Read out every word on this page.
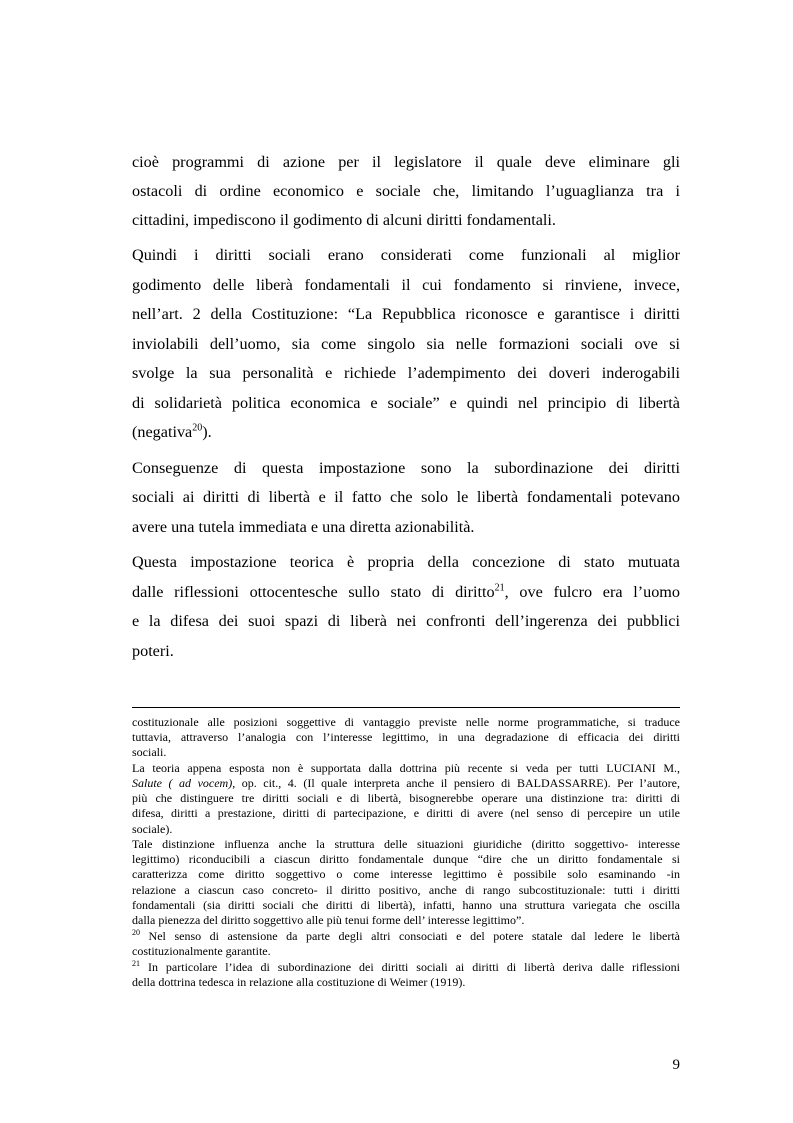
cioè programmi di azione per il legislatore il quale deve eliminare gli
ostacoli di ordine economico e sociale che, limitando l’uguaglianza tra i
cittadini, impediscono il godimento di alcuni diritti fondamentali.
Quindi i diritti sociali erano considerati come funzionali al miglior
godimento delle liberà fondamentali il cui fondamento si rinviene, invece,
nell’art. 2 della Costituzione: “La Repubblica riconosce e garantisce i diritti
inviolabili dell’uomo, sia come singolo sia nelle formazioni sociali ove si
svolge la sua personalità e richiede l’adempimento dei doveri inderogabili
di solidarietà politica economica e sociale” e quindi nel principio di libertà
(negativa$^{20}$).
Conseguenze di questa impostazione sono la subordinazione dei diritti
sociali ai diritti di libertà e il fatto che solo le libertà fondamentali potevano
avere una tutela immediata e una diretta azionabilità.
Questa impostazione teorica è propria della concezione di stato mutuata
dalle riflessioni ottocentesche sullo stato di diritto$^{21}$, ove fulcro era l’uomo
e la difesa dei suoi spazi di liberà nei confronti dell’ingerenza dei pubblici
poteri.
costituzionale alle posizioni soggettive di vantaggio previste nelle norme programmatiche, si traduce
tuttavia, attraverso l’analogia con l’interesse legittimo, in una degradazione di efficacia dei diritti
sociali.
La teoria appena esposta non è supportata dalla dottrina più recente si veda per tutti LUCIANI M.,
Salute ( ad vocem), op. cit., 4. (Il quale interpreta anche il pensiero di BALDASSARRE). Per l’autore,
più che distinguere tre diritti sociali e di libertà, bisognerebbe operare una distinzione tra: diritti di
difesa, diritti a prestazione, diritti di partecipazione, e diritti di avere (nel senso di percepire un utile
sociale).
Tale distinzione influenza anche la struttura delle situazioni giuridiche (diritto soggettivo- interesse
legittimo) riconducibili a ciascun diritto fondamentale dunque “dire che un diritto fondamentale si
caratterizza come diritto soggettivo o come interesse legittimo è possibile solo esaminando -in
relazione a ciascun caso concreto- il diritto positivo, anche di rango subcostituzionale: tutti i diritti
fondamentali (sia diritti sociali che diritti di libertà), infatti, hanno una struttura variegata che oscilla
dalla pienezza del diritto soggettivo alle più tenui forme dell’ interesse legittimo”.
$^{20}$ Nel senso di astensione da parte degli altri consociati e del potere statale dal ledere le libertà
costituzionalmente garantite.
$^{21}$ In particolare l’idea di subordinazione dei diritti sociali ai diritti di libertà deriva dalle riflessioni
della dottrina tedesca in relazione alla costituzione di Weimer (1919).
9
